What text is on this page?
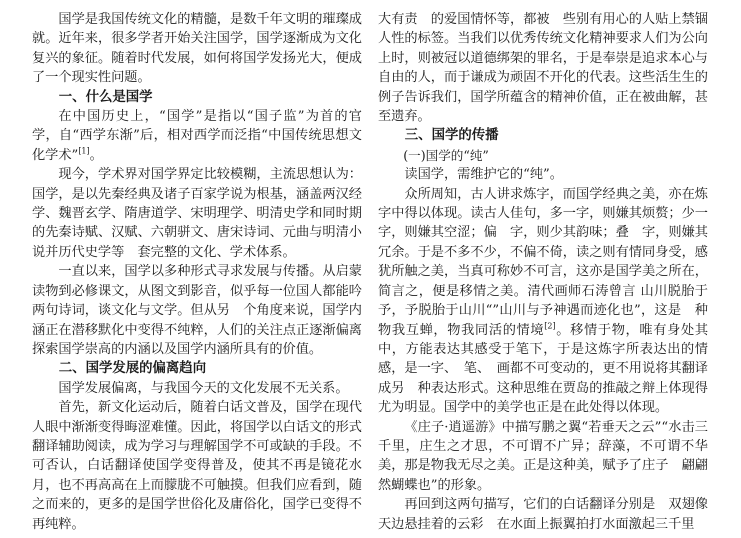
国学是我国传统文化的精髓，是数千年文明的璀璨成就。近年来，很多学者开始关注国学，国学逐渐成为文化复兴的象征。随着时代发展，如何将国学发扬光大，便成了一个现实性问题。

一、什么是国学

在中国历史上，“国学”是指以“国子监”为首的官学，自“西学东渐”后，相对西学而泛指“中国传统思想文化学术”[1]。

现今，学术界对国学界定比较模糊，主流思想认为：国学，是以先秦经典及诸子百家学说为根基，涵盖两汉经学、魏晋玄学、隋唐道学、宋明理学、明清史学和同时期的先秦诗赋、汉赋、六朝骈文、唐宋诗词、元曲与明清小说并历代史学等　套完整的文化、学术体系。

一直以来，国学以多种形式寻求发展与传播。从启蒙读物到必修课文，从图文到影音，似乎每一位国人都能吟　两句诗词，谈文化与文学。但从另　个角度来说，国学内涵正在潜移默化中变得不纯粹，人们的关注点正逐渐偏离探索国学崇高的内涵以及国学内涵所具有的价值。

二、国学发展的偏离趋向

国学发展偏离，与我国今天的文化发展不无关系。

首先，新文化运动后，随着白话文普及，国学在现代人眼中渐渐变得晦涩难懂。因此，将国学以白话文的形式翻译辅助阅读，成为学习与理解国学不可或缺的手段。不可否认，白话翻译使国学变得普及，使其不再是镜花水月，也不再高高在上而朦胧不可触摸。但我们应看到，随之而来的，更多的是国学世俗化及庸俗化，国学已变得不再纯粹。

大有责　的爱国情怀等，都被　些别有用心的人贴上禁锢人性的标签。当我们以优秀传统文化精神要求人们为公向上时，则被冠以道德绑架的罪名，于是奉崇是追求本心与自由的人，而于谦成为顽固不开化的代表。这些活生生的例子告诉我们，国学所蕴含的精神价值，正在被曲解，甚至遗弃。

三、国学的传播

(一)国学的“纯”

读国学，需维护它的“纯”。

众所周知，古人讲求炼字，而国学经典之美，亦在炼字中得以体现。读古人佳句，多一字，则嫌其烦赘；少一字，则嫌其空涩；偏　字，则少其韵味；叠　字，则嫌其冗余。于是不多不少，不偏不倚，读之则有情同身受，感犹所触之美，当真可称妙不可言，这亦是国学美之所在，简言之，便是移情之美。清代画师石涛曾言 山川脱胎于予，予脱胎于山川“”山川与予神遇而迹化也”，这是　种物我互蝉，物我同活的情境[2]。移情于物，唯有身处其中，方能表达其感受于笔下，于是这炼字所表达出的情感，是一字、　笔、　画都不可变动的，更不用说将其翻译成另　种表达形式。这种思维在贾岛的推敲之辩上体现得尤为明显。国学中的美学也正是在此处得以体现。

《庄子·逍遥游》中描写鹏之翼“若垂天之云”“水击三千里，庄生之才思，不可谓不广异；辞藻，不可谓不华美，那是物我无尽之美。正是这种美，赋予了庄子　翩翩然蝴蝶也”的形象。

再回到这两句描写，它们的白话翻译分别是　双翅像天边悬挂着的云彩　在水面上振翼拍打水面激起三千里
